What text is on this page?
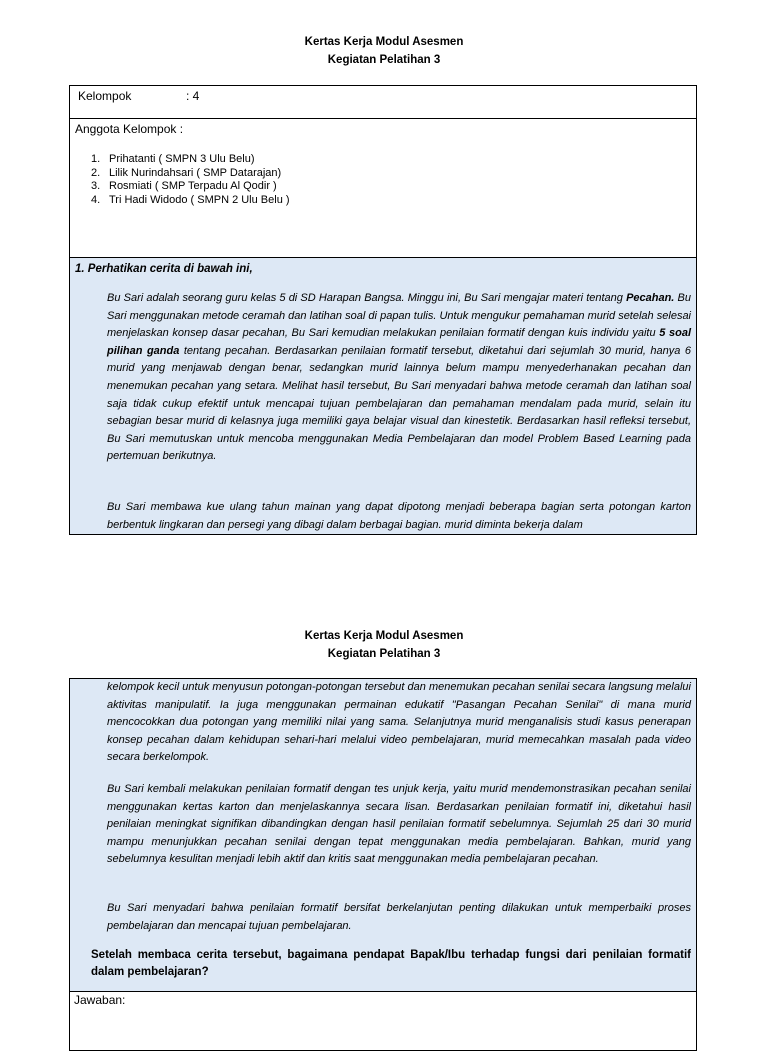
Kertas Kerja Modul Asesmen
Kegiatan Pelatihan 3
Kelompok	: 4
Anggota Kelompok :
1. Prihatanti ( SMPN 3 Ulu Belu)
2. Lilik Nurindahsari ( SMP Datarajan)
3. Rosmiati ( SMP Terpadu Al Qodir )
4. Tri Hadi Widodo ( SMPN 2 Ulu Belu )
1. Perhatikan cerita di bawah ini,

Bu Sari adalah seorang guru kelas 5 di SD Harapan Bangsa. Minggu ini, Bu Sari mengajar materi tentang Pecahan. Bu Sari menggunakan metode ceramah dan latihan soal di papan tulis. Untuk mengukur pemahaman murid setelah selesai menjelaskan konsep dasar pecahan, Bu Sari kemudian melakukan penilaian formatif dengan kuis individu yaitu 5 soal pilihan ganda tentang pecahan. Berdasarkan penilaian formatif tersebut, diketahui dari sejumlah 30 murid, hanya 6 murid yang menjawab dengan benar, sedangkan murid lainnya belum mampu menyederhanakan pecahan dan menemukan pecahan yang setara. Melihat hasil tersebut, Bu Sari menyadari bahwa metode ceramah dan latihan soal saja tidak cukup efektif untuk mencapai tujuan pembelajaran dan pemahaman mendalam pada murid, selain itu sebagian besar murid di kelasnya juga memiliki gaya belajar visual dan kinestetik. Berdasarkan hasil refleksi tersebut, Bu Sari memutuskan untuk mencoba menggunakan Media Pembelajaran dan model Problem Based Learning pada pertemuan berikutnya.

Bu Sari membawa kue ulang tahun mainan yang dapat dipotong menjadi beberapa bagian serta potongan karton berbentuk lingkaran dan persegi yang dibagi dalam berbagai bagian. murid diminta bekerja dalam

Kertas Kerja Modul Asesmen
Kegiatan Pelatihan 3

kelompok kecil untuk menyusun potongan-potongan tersebut dan menemukan pecahan senilai secara langsung melalui aktivitas manipulatif. Ia juga menggunakan permainan edukatif "Pasangan Pecahan Senilai" di mana murid mencocokkan dua potongan yang memiliki nilai yang sama. Selanjutnya murid menganalisis studi kasus penerapan konsep pecahan dalam kehidupan sehari-hari melalui video pembelajaran, murid memecahkan masalah pada video secara berkelompok.

Bu Sari kembali melakukan penilaian formatif dengan tes unjuk kerja, yaitu murid mendemonstrasikan pecahan senilai menggunakan kertas karton dan menjelaskannya secara lisan. Berdasarkan penilaian formatif ini, diketahui hasil penilaian meningkat signifikan dibandingkan dengan hasil penilaian formatif sebelumnya. Sejumlah 25 dari 30 murid mampu menunjukkan pecahan senilai dengan tepat menggunakan media pembelajaran. Bahkan, murid yang sebelumnya kesulitan menjadi lebih aktif dan kritis saat menggunakan media pembelajaran pecahan.

Bu Sari menyadari bahwa penilaian formatif bersifat berkelanjutan penting dilakukan untuk memperbaiki proses pembelajaran dan mencapai tujuan pembelajaran.

Setelah membaca cerita tersebut, bagaimana pendapat Bapak/Ibu terhadap fungsi dari penilaian formatif dalam pembelajaran?

Jawaban:
